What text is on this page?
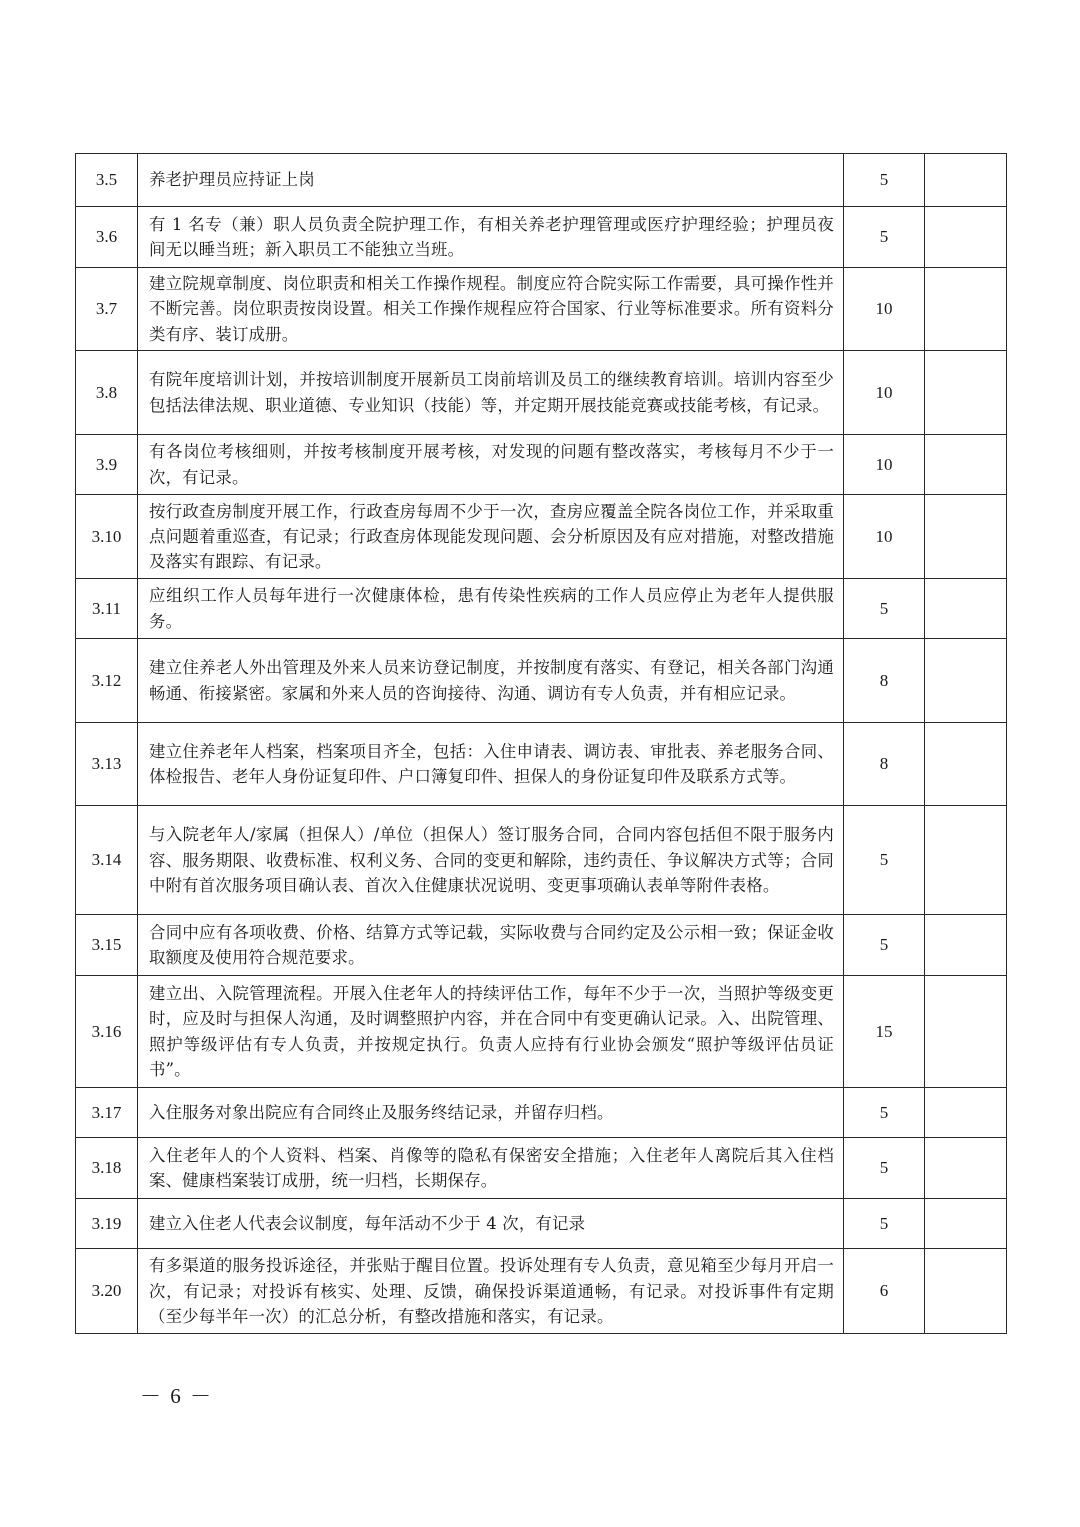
3.5	养老护理员应持证上岗	5	
3.6	有 1 名专（兼）职人员负责全院护理工作，有相关养老护理管理或医疗护理经验；护理员夜间无以睡当班；新入职员工不能独立当班。	5	
3.7	建立院规章制度、岗位职责和相关工作操作规程。制度应符合院实际工作需要，具可操作性并不断完善。岗位职责按岗设置。相关工作操作规程应符合国家、行业等标准要求。所有资料分类有序、装订成册。	10	
3.8	有院年度培训计划，并按培训制度开展新员工岗前培训及员工的继续教育培训。培训内容至少包括法律法规、职业道德、专业知识（技能）等，并定期开展技能竞赛或技能考核，有记录。	10	
3.9	有各岗位考核细则，并按考核制度开展考核，对发现的问题有整改落实，考核每月不少于一次，有记录。	10	
3.10	按行政查房制度开展工作，行政查房每周不少于一次，查房应覆盖全院各岗位工作，并采取重点问题着重巡查，有记录；行政查房体现能发现问题、会分析原因及有应对措施，对整改措施及落实有跟踪、有记录。	10	
3.11	应组织工作人员每年进行一次健康体检，患有传染性疾病的工作人员应停止为老年人提供服务。	5	
3.12	建立住养老人外出管理及外来人员来访登记制度，并按制度有落实、有登记，相关各部门沟通畅通、衔接紧密。家属和外来人员的咨询接待、沟通、调访有专人负责，并有相应记录。	8	
3.13	建立住养老年人档案，档案项目齐全，包括：入住申请表、调访表、审批表、养老服务合同、体检报告、老年人身份证复印件、户口簿复印件、担保人的身份证复印件及联系方式等。	8	
3.14	与入院老年人/家属（担保人）/单位（担保人）签订服务合同，合同内容包括但不限于服务内容、服务期限、收费标准、权利义务、合同的变更和解除，违约责任、争议解决方式等；合同中附有首次服务项目确认表、首次入住健康状况说明、变更事项确认表单等附件表格。	5	
3.15	合同中应有各项收费、价格、结算方式等记载，实际收费与合同约定及公示相一致；保证金收取额度及使用符合规范要求。	5	
3.16	建立出、入院管理流程。开展入住老年人的持续评估工作，每年不少于一次，当照护等级变更时，应及时与担保人沟通，及时调整照护内容，并在合同中有变更确认记录。入、出院管理、照护等级评估有专人负责，并按规定执行。负责人应持有行业协会颁发“照护等级评估员证书”。	15	
3.17	入住服务对象出院应有合同终止及服务终结记录，并留存归档。	5	
3.18	入住老年人的个人资料、档案、肖像等的隐私有保密安全措施；入住老年人离院后其入住档案、健康档案装订成册，统一归档，长期保存。	5	
3.19	建立入住老人代表会议制度，每年活动不少于 4 次，有记录	5	
3.20	有多渠道的服务投诉途径，并张贴于醒目位置。投诉处理有专人负责，意见箱至少每月开启一次，有记录；对投诉有核实、处理、反馈，确保投诉渠道通畅，有记录。对投诉事件有定期（至少每半年一次）的汇总分析，有整改措施和落实，有记录。	6	
－ 6 －
